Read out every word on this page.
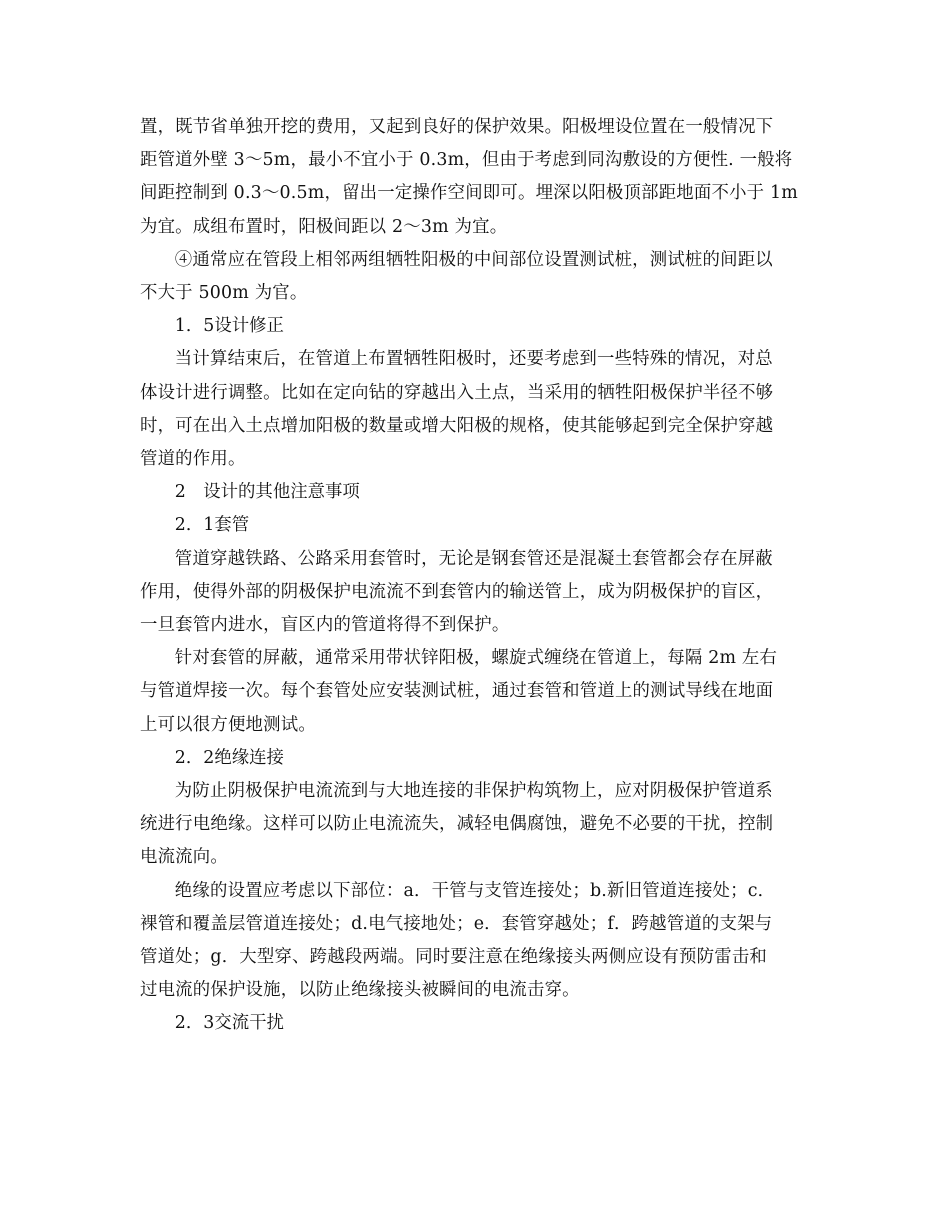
置，既节省单独开挖的费用，又起到良好的保护效果。阳极埋设位置在一般情况下
距管道外壁 3～5m，最小不宜小于 0.3m，但由于考虑到同沟敷设的方便性. 一般将
间距控制到 0.3～0.5m，留出一定操作空间即可。埋深以阳极顶部距地面不小于 1m
为宜。成组布置时，阳极间距以 2～3m 为宜。

④通常应在管段上相邻两组牺牲阳极的中间部位设置测试桩，测试桩的间距以
不大于 500m 为官。

1．5设计修正

当计算结束后，在管道上布置牺牲阳极时，还要考虑到一些特殊的情况，对总
体设计进行调整。比如在定向钻的穿越出入土点，当采用的牺牲阳极保护半径不够
时，可在出入土点增加阳极的数量或增大阳极的规格，使其能够起到完全保护穿越
管道的作用。

2　设计的其他注意事项

2．1套管

管道穿越铁路、公路采用套管时，无论是钢套管还是混凝土套管都会存在屏蔽
作用，使得外部的阴极保护电流流不到套管内的输送管上，成为阴极保护的盲区，
一旦套管内进水，盲区内的管道将得不到保护。

针对套管的屏蔽，通常采用带状锌阳极，螺旋式缠绕在管道上，每隔 2m 左右
与管道焊接一次。每个套管处应安装测试桩，通过套管和管道上的测试导线在地面
上可以很方便地测试。

2．2绝缘连接

为防止阴极保护电流流到与大地连接的非保护构筑物上，应对阴极保护管道系
统进行电绝缘。这样可以防止电流流失，减轻电偶腐蚀，避免不必要的干扰，控制
电流流向。

绝缘的设置应考虑以下部位：a．干管与支管连接处；b.新旧管道连接处；c．
裸管和覆盖层管道连接处；d.电气接地处；e．套管穿越处；f．跨越管道的支架与
管道处；g．大型穿、跨越段两端。同时要注意在绝缘接头两侧应设有预防雷击和
过电流的保护设施，以防止绝缘接头被瞬间的电流击穿。

2．3交流干扰
